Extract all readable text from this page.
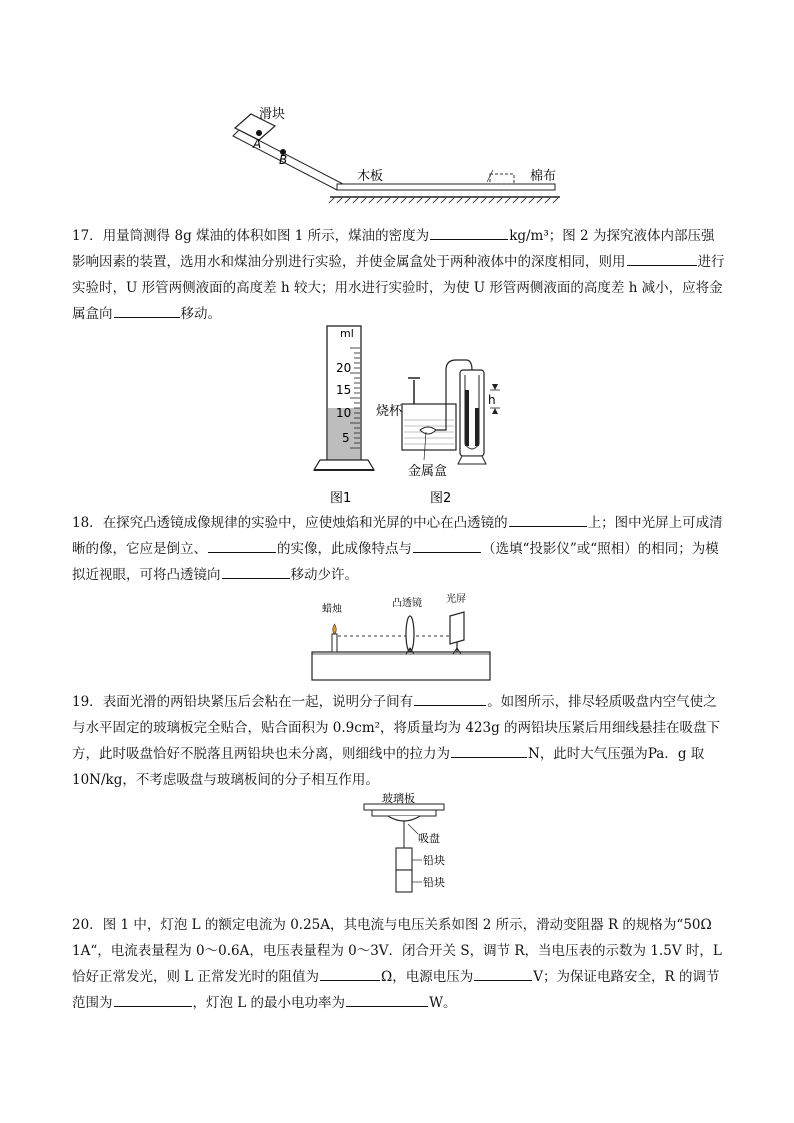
滑块
A
B
木板	棉布
17．用量筒测得 8g 煤油的体积如图 1 所示，煤油的密度为	kg/m³；图 2 为探究液体内部压强影响因素的装置，选用水和煤油分别进行实验，并使金属盒处于两种液体中的深度相同，则用	进行实验时，U 形管两侧液面的高度差 h 较大；用水进行实验时，为使 U 形管两侧液面的高度差 h 减小，应将金属盒向	移动。
ml
20
15
10
5
h
烧杯
金属盒
图1	图2
18．在探究凸透镜成像规律的实验中，应使烛焰和光屏的中心在凸透镜的	上；图中光屏上可成清晰的像，它应是倒立、	的实像，此成像特点与	（选填“投影仪”或“照相）的相同；为模拟近视眼，可将凸透镜向	移动少许。
蜡烛
凸透镜 光屏
19．表面光滑的两铅块紧压后会粘在一起，说明分子间有	。如图所示，排尽轻质吸盘内空气使之与水平固定的玻璃板完全贴合，贴合面积为 0.9cm²，将质量均为 423g 的两铅块压紧后用细线悬挂在吸盘下方，此时吸盘恰好不脱落且两铅块也未分离，则细线中的拉力为	N，此时大气压强为Pa．g 取 10N/kg，不考虑吸盘与玻璃板间的分子相互作用。
玻璃板
吸盘
铅块
铅块
20．图 1 中，灯泡 L 的额定电流为 0.25A，其电流与电压关系如图 2 所示，滑动变阻器 R 的规格为“50Ω 1A“，电流表量程为 0～0.6A，电压表量程为 0～3V．闭合开关 S，调节 R，当电压表的示数为 1.5V 时，L 恰好正常发光，则 L 正常发光时的阻值为	Ω，电源电压为	V；为保证电路安全，R 的调节范围为	，灯泡 L 的最小电功率为	W。
